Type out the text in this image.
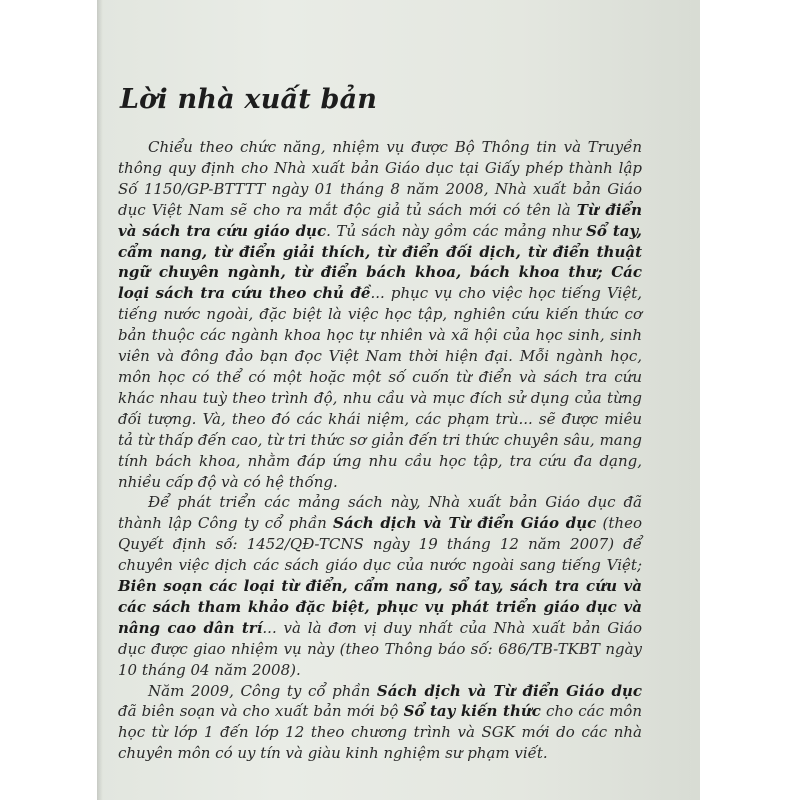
Lời nhà xuất bản

Chiểu theo chức năng, nhiệm vụ được Bộ Thông tin và Truyền thông quy định cho Nhà xuất bản Giáo dục tại Giấy phép thành lập Số 1150/GP-BTTTT ngày 01 tháng 8 năm 2008, Nhà xuất bản Giáo dục Việt Nam sẽ cho ra mắt độc giả tủ sách mới có tên là Từ điển và sách tra cứu giáo dục. Tủ sách này gồm các mảng như Sổ tay, cẩm nang, từ điển giải thích, từ điển đối dịch, từ điển thuật ngữ chuyên ngành, từ điển bách khoa, bách khoa thư; Các loại sách tra cứu theo chủ đề... phục vụ cho việc học tiếng Việt, tiếng nước ngoài, đặc biệt là việc học tập, nghiên cứu kiến thức cơ bản thuộc các ngành khoa học tự nhiên và xã hội của học sinh, sinh viên và đông đảo bạn đọc Việt Nam thời hiện đại. Mỗi ngành học, môn học có thể có một hoặc một số cuốn từ điển và sách tra cứu khác nhau tuỳ theo trình độ, nhu cầu và mục đích sử dụng của từng đối tượng. Và, theo đó các khái niệm, các phạm trù... sẽ được miêu tả từ thấp đến cao, từ tri thức sơ giản đến tri thức chuyên sâu, mang tính bách khoa, nhằm đáp ứng nhu cầu học tập, tra cứu đa dạng, nhiều cấp độ và có hệ thống.

Để phát triển các mảng sách này, Nhà xuất bản Giáo dục đã thành lập Công ty cổ phần Sách dịch và Từ điển Giáo dục (theo Quyết định số: 1452/QĐ-TCNS ngày 19 tháng 12 năm 2007) để chuyên việc dịch các sách giáo dục của nước ngoài sang tiếng Việt; Biên soạn các loại từ điển, cẩm nang, sổ tay, sách tra cứu và các sách tham khảo đặc biệt, phục vụ phát triển giáo dục và nâng cao dân trí... và là đơn vị duy nhất của Nhà xuất bản Giáo dục được giao nhiệm vụ này (theo Thông báo số: 686/TB-TKBT ngày 10 tháng 04 năm 2008).

Năm 2009, Công ty cổ phần Sách dịch và Từ điển Giáo dục đã biên soạn và cho xuất bản mới bộ Sổ tay kiến thức cho các môn học từ lớp 1 đến lớp 12 theo chương trình và SGK mới do các nhà chuyên môn có uy tín và giàu kinh nghiệm sư phạm viết.
